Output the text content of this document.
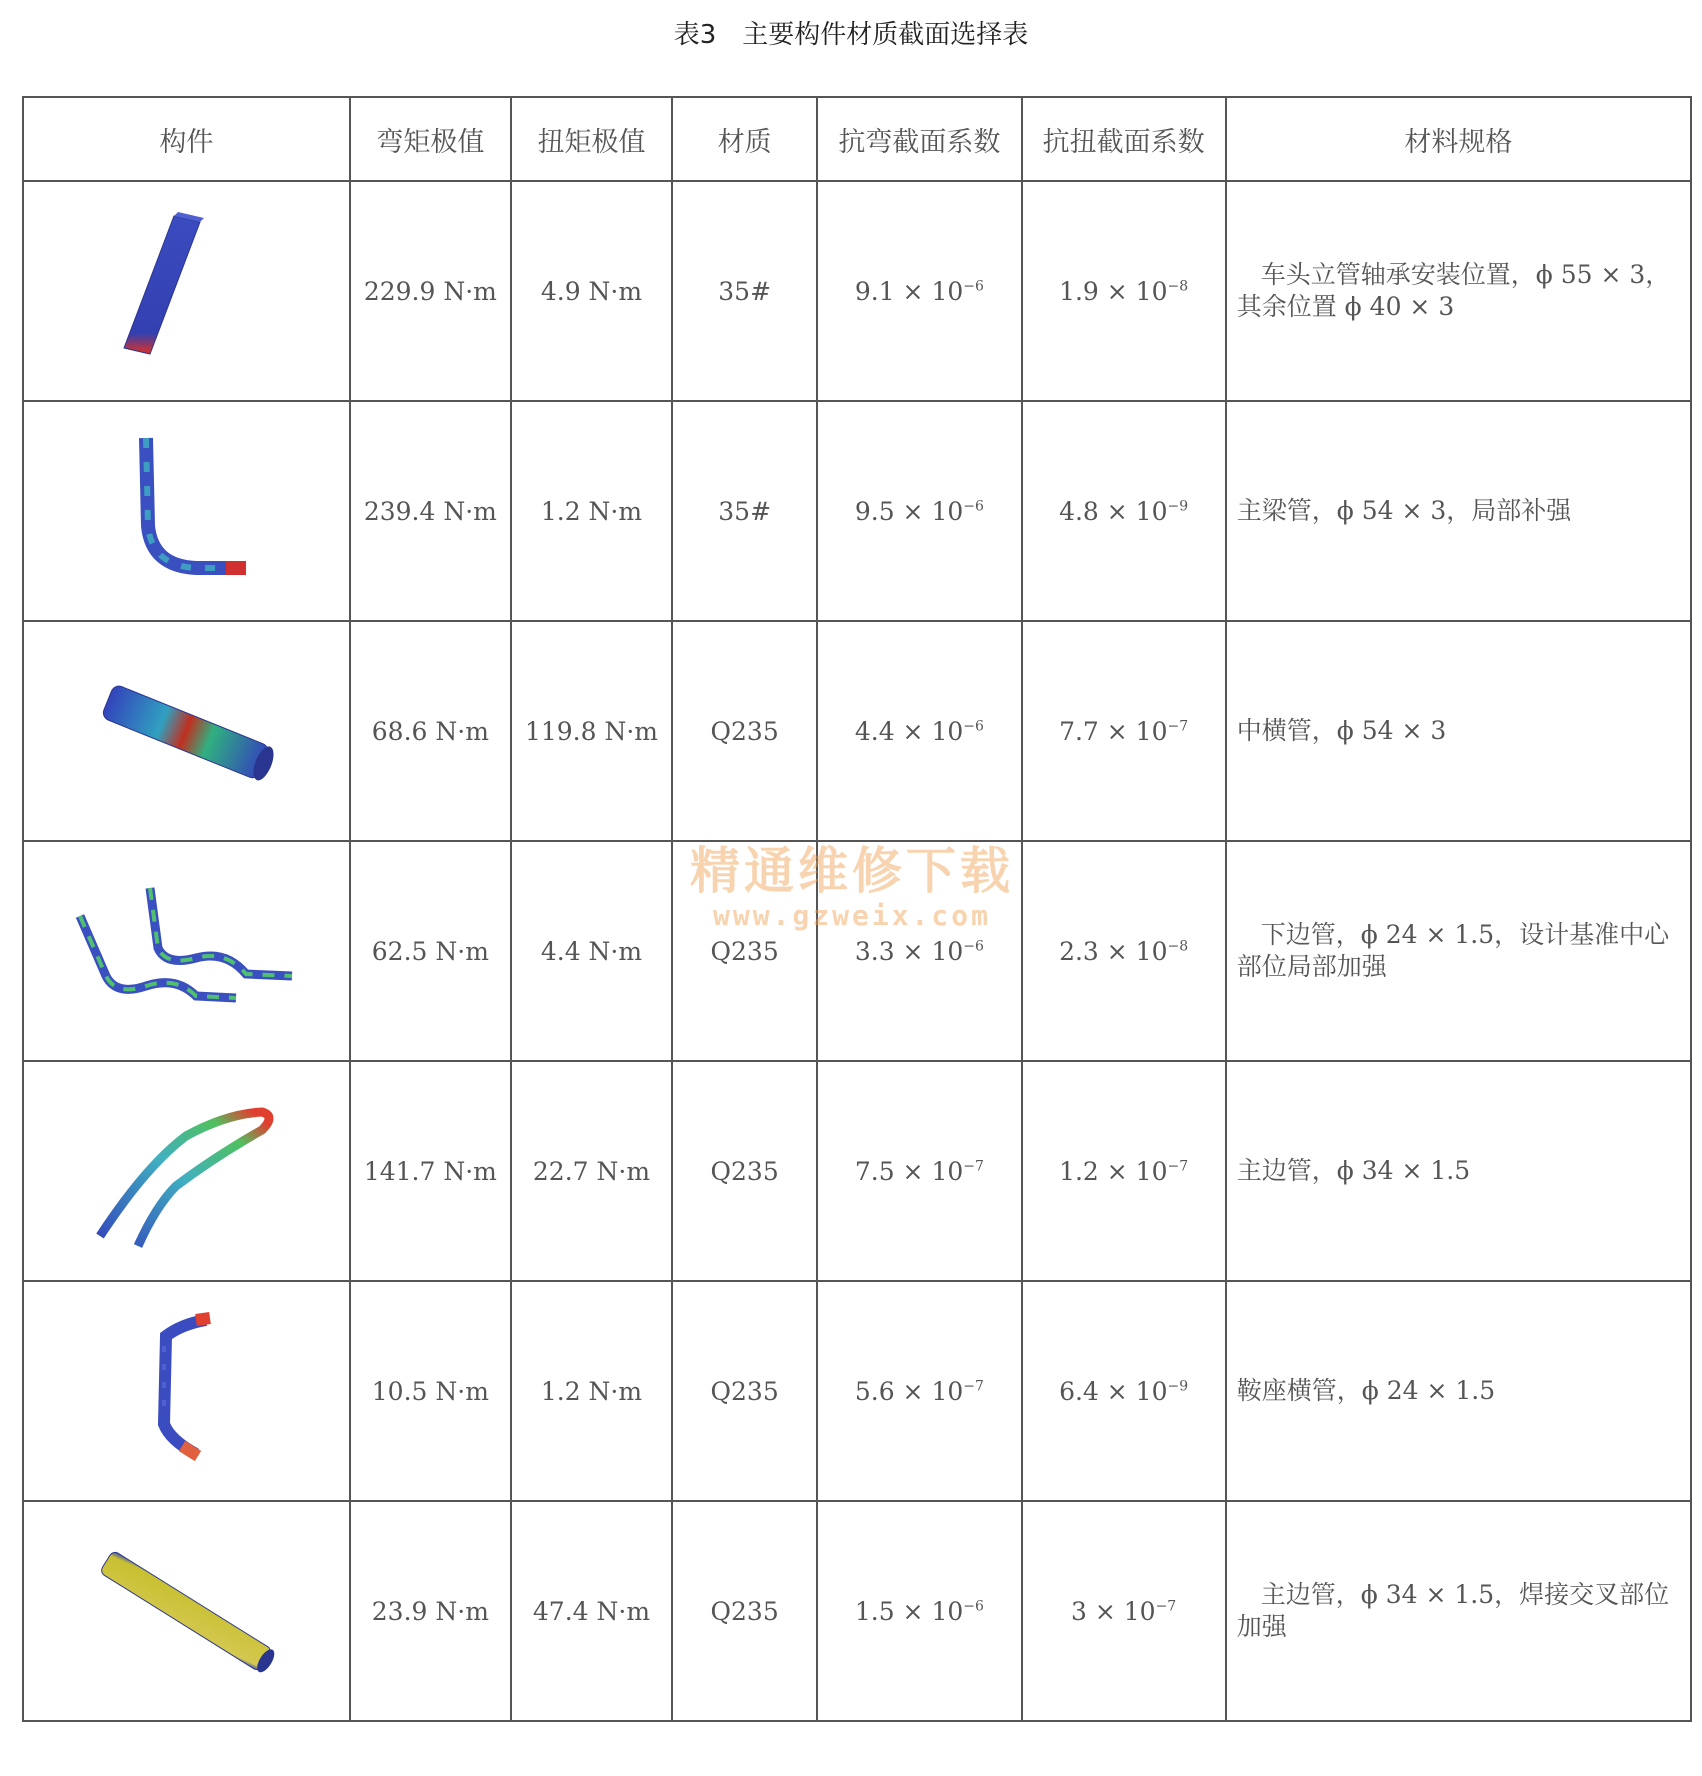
表3 主要构件材质截面选择表
构件	弯矩极值	扭矩极值	材质	抗弯截面系数	抗扭截面系数	材料规格

	229.9 N·m	4.9 N·m	35#	$9.1 \times 10^{-6}$	$1.9 \times 10^{-8}$	车头立管轴承安装位置，ϕ 55 × 3，
其余位置 ϕ 40 × 3

	239.4 N·m	1.2 N·m	35#	$9.5 \times 10^{-6}$	$4.8 \times 10^{-9}$	主梁管，ϕ 54 × 3，局部补强

	68.6 N·m	119.8 N·m	Q235	$4.4 \times 10^{-6}$	$7.7 \times 10^{-7}$	中横管，ϕ 54 × 3

	62.5 N·m	4.4 N·m	Q235	$3.3 \times 10^{-6}$	$2.3 \times 10^{-8}$	下边管，ϕ 24 × 1.5，设计基准中心
部位局部加强

	141.7 N·m	22.7 N·m	Q235	$7.5 \times 10^{-7}$	$1.2 \times 10^{-7}$	主边管，ϕ 34 × 1.5

	10.5 N·m	1.2 N·m	Q235	$5.6 \times 10^{-7}$	$6.4 \times 10^{-9}$	鞍座横管，ϕ 24 × 1.5

	23.9 N·m	47.4 N·m	Q235	$1.5 \times 10^{-6}$	$3 \times 10^{-7}$	主边管，ϕ 34 × 1.5，焊接交叉部位
加强
精通维修下载
www.gzweix.com
